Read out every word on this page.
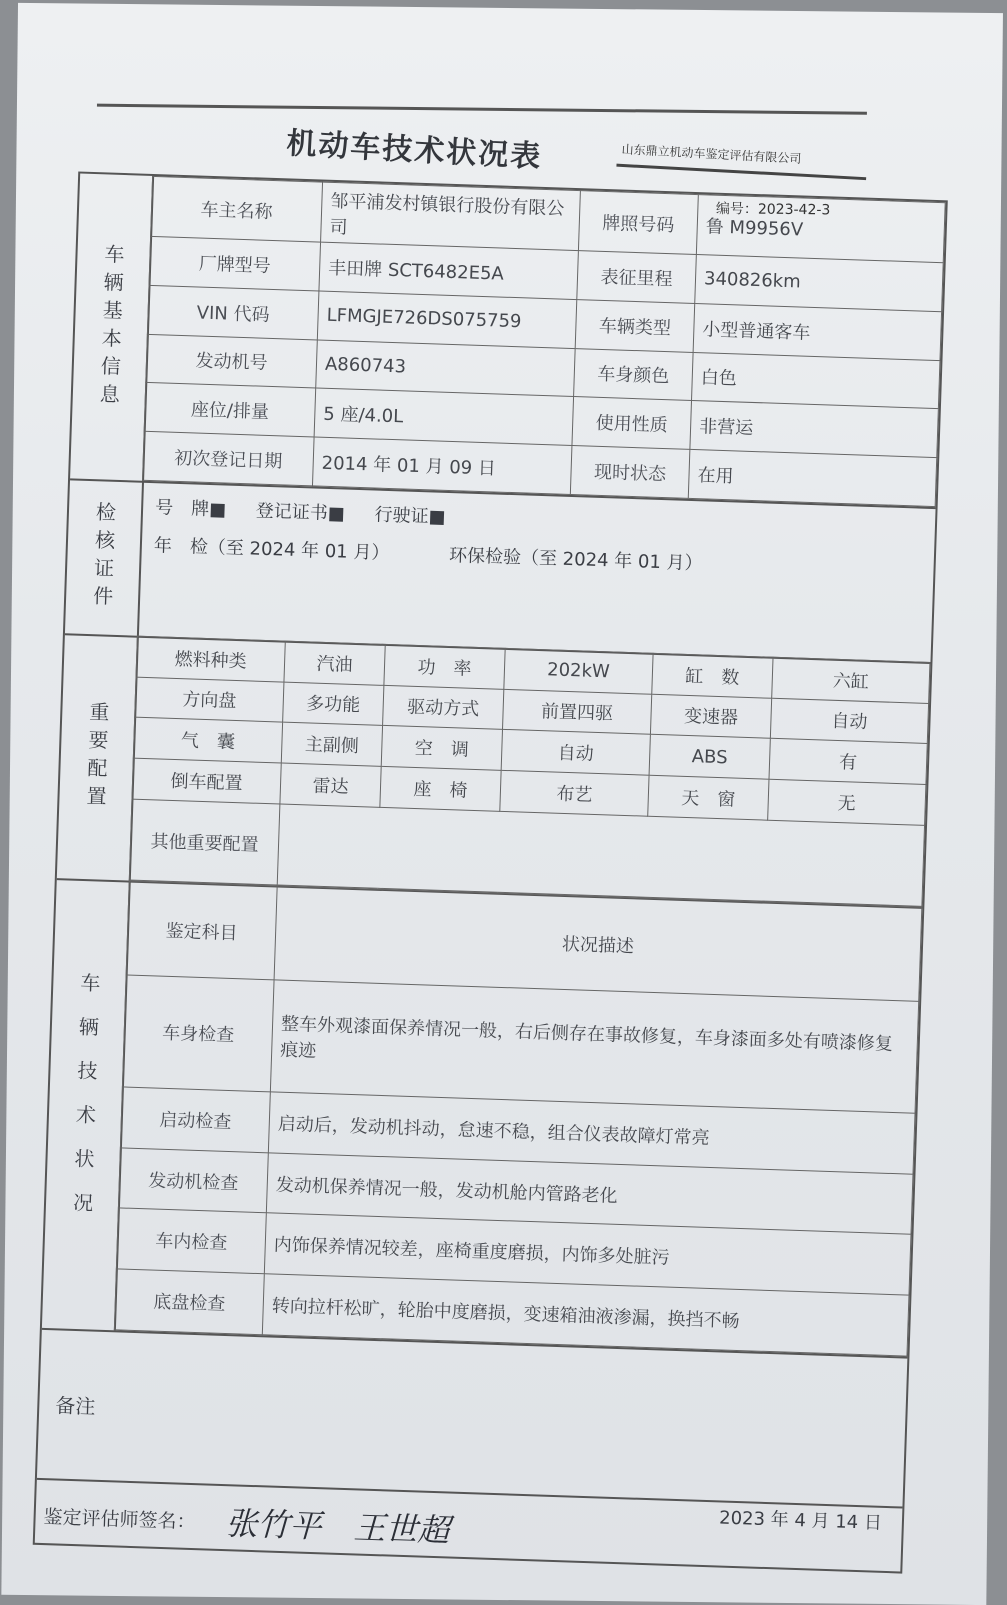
机动车技术状况表	山东鼎立机动车鉴定评估有限公司
编号：2023-42-3
车辆基本信息
车主名称	邹平浦发村镇银行股份有限公司	牌照号码	鲁 M9956V
厂牌型号	丰田牌 SCT6482E5A	表征里程	340826km
VIN 代码	LFMGJE726DS075759	车辆类型	小型普通客车
发动机号	A860743	车身颜色	白色
座位/排量	5 座/4.0L	使用性质	非营运
初次登记日期	2014 年 01 月 09 日	现时状态	在用
检核证件 号　牌■ 登记证书■ 行驶证■
年　检（至 2024 年 01 月）	环保检验（至 2024 年 01 月）
重要配置
燃料种类	汽油	功　率	202kW	缸　数	六缸
方向盘	多功能	驱动方式	前置四驱	变速器	自动
气　囊	主副侧	空　调	自动	ABS	有
倒车配置	雷达	座　椅	布艺	天　窗	无
其他重要配置					
车辆技术状况
鉴定科目	状况描述
车身检查	整车外观漆面保养情况一般，右后侧存在事故修复，车身漆面多处有喷漆修复痕迹
启动检查	启动后，发动机抖动，怠速不稳，组合仪表故障灯常亮
发动机检查	发动机保养情况一般，发动机舱内管路老化
车内检查	内饰保养情况较差，座椅重度磨损，内饰多处脏污
底盘检查	转向拉杆松旷，轮胎中度磨损，变速箱油液渗漏，换挡不畅
备注
鉴定评估师签名： 张竹平　王世超	2023 年 4 月 14 日
